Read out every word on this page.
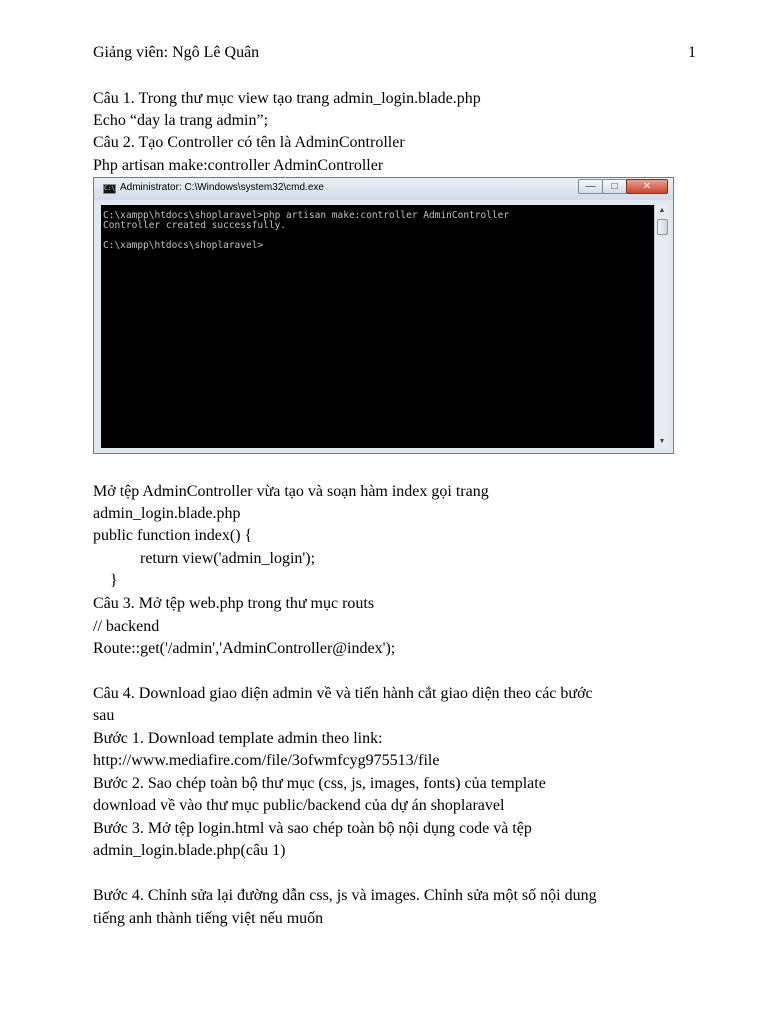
Giảng viên: Ngô Lê Quân	1
Câu 1. Trong thư mục view tạo trang admin_login.blade.php
Echo “day la trang admin”;
Câu 2. Tạo Controller có tên là AdminController
Php artisan make:controller AdminController
C:\ Administrator: C:\Windows\system32\cmd.exe	—	□	✕
C:\xampp\htdocs\shoplaravel>php artisan make:controller AdminController
Controller created successfully.

C:\xampp\htdocs\shoplaravel>
▲
▼
Mở tệp AdminController vừa tạo và soạn hàm index gọi trang
admin_login.blade.php
public function index() {
return view('admin_login');
}
Câu 3. Mở tệp web.php trong thư mục routs
// backend
Route::get('/admin','AdminController@index');
Câu 4. Download giao diện admin về và tiến hành cắt giao diện theo các bước
sau
Bước 1. Download template admin theo link:
http://www.mediafire.com/file/3ofwmfcyg975513/file
Bước 2. Sao chép toàn bộ thư mục (css, js, images, fonts) của template
download về vào thư mục public/backend của dự án shoplaravel
Bước 3. Mở tệp login.html và sao chép toàn bộ nội dụng code và tệp
admin_login.blade.php(câu 1)
Bước 4. Chỉnh sửa lại đường dẫn css, js và images. Chỉnh sửa một số nội dung
tiếng anh thành tiếng việt nếu muốn
